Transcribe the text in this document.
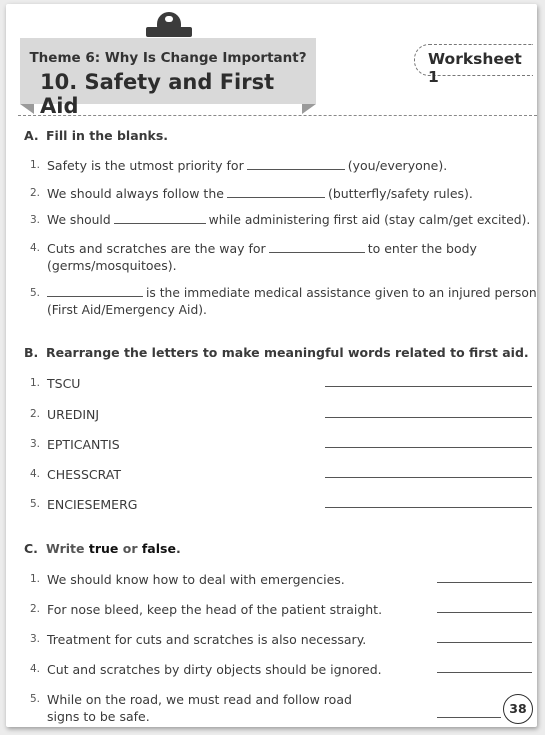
Theme 6: Why Is Change Important?
10. Safety and First Aid
Worksheet 1
A. Fill in the blanks.
1. Safety is the utmost priority for	(you/everyone).
2. We should always follow the	(butterfly/safety rules).
3. We should	while administering first aid (stay calm/get excited).
4. Cuts and scratches are the way for	to enter the body
(germs/mosquitoes).
5.	is the immediate medical assistance given to an injured person
(First Aid/Emergency Aid).
B. Rearrange the letters to make meaningful words related to first aid.
1. TSCU
2. UREDINJ
3. EPTICANTIS
4. CHESSCRAT
5. ENCIESEMERG
C. Write true or false.
1. We should know how to deal with emergencies.
2. For nose bleed, keep the head of the patient straight.
3. Treatment for cuts and scratches is also necessary.
4. Cut and scratches by dirty objects should be ignored.
5. While on the road, we must read and follow road
signs to be safe.
38
